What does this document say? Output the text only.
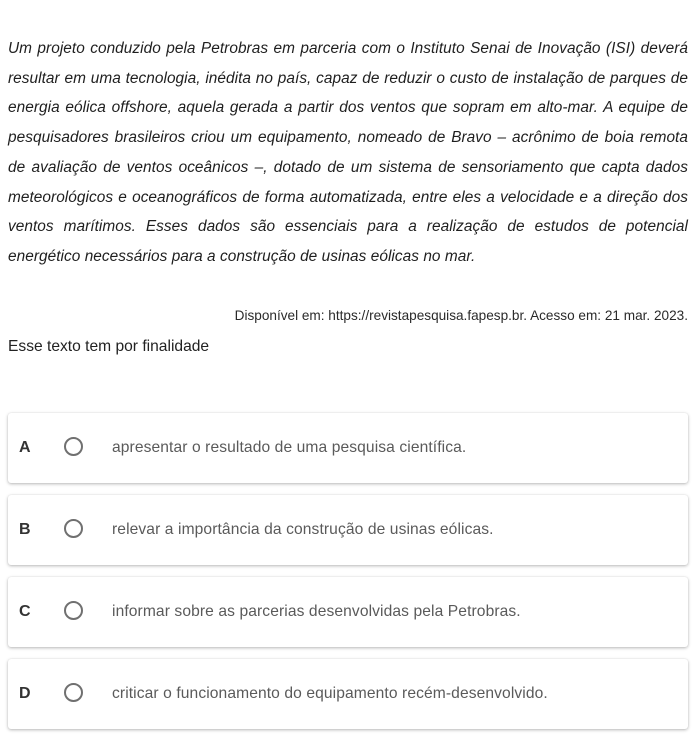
Um projeto conduzido pela Petrobras em parceria com o Instituto Senai de Inovação (ISI) deverá resultar em uma tecnologia, inédita no país, capaz de reduzir o custo de instalação de parques de energia eólica offshore, aquela gerada a partir dos ventos que sopram em alto-mar. A equipe de pesquisadores brasileiros criou um equipamento, nomeado de Bravo – acrônimo de boia remota de avaliação de ventos oceânicos –, dotado de um sistema de sensoriamento que capta dados meteorológicos e oceanográficos de forma automatizada, entre eles a velocidade e a direção dos ventos marítimos. Esses dados são essenciais para a realização de estudos de potencial energético necessários para a construção de usinas eólicas no mar.

Disponível em: https://revistapesquisa.fapesp.br. Acesso em: 21 mar. 2023.

Esse texto tem por finalidade

A	apresentar o resultado de uma pesquisa científica.
B	relevar a importância da construção de usinas eólicas.
C	informar sobre as parcerias desenvolvidas pela Petrobras.
D	criticar o funcionamento do equipamento recém-desenvolvido.
